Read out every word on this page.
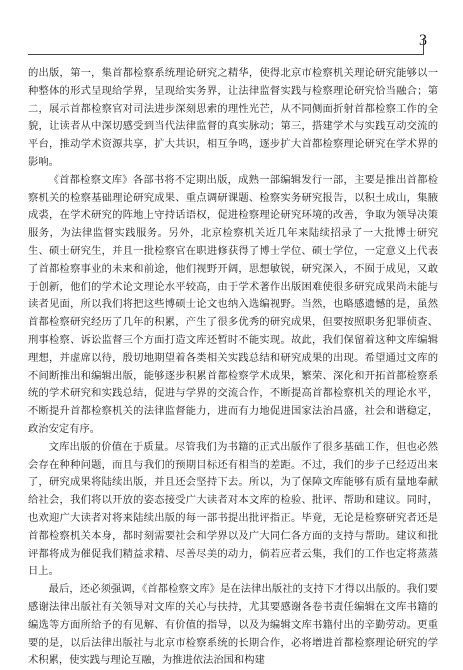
3

的出版，第一，集首都检察系统理论研究之精华，使得北京市检察机关理论研究能够以一种整体的形式呈现给学界，呈现给实务界，让法律监督实践与检察理论研究恰当融合；第二，展示首都检察官对司法进步深刻思索的理性光芒，从不同侧面折射首都检察工作的全貌，让读者从中深切感受到当代法律监督的真实脉动；第三，搭建学术与实践互动交流的平台，推动学术资源共享，扩大共识，相互争鸣，逐步扩大首都检察理论研究在学术界的影响。

《首都检察文库》各部书将不定期出版，成熟一部编辑发行一部，主要是推出首都检察机关的检察基础理论研究成果、重点调研课题、检察实务研究报告，以积土成山，集腋成裘，在学术研究的阵地上守持话语权，促进检察理论研究环境的改善，争取为领导决策服务，为法律监督实践服务。另外，北京检察机关近几年来陆续招录了一大批博士研究生、硕士研究生，并且一批检察官在职进修获得了博士学位、硕士学位，一定意义上代表了首都检察事业的未来和前途，他们视野开阔，思想敏锐，研究深入，不囿于成见，又敢于创新，他们的学术论文理论水平较高，由于学术著作出版困难使很多研究成果尚未能与读者见面，所以我们将把这些博硕士论文也纳入选编视野。当然，也略感遗憾的是，虽然首都检察研究经历了几年的积累，产生了很多优秀的研究成果，但要按照职务犯罪侦查、刑事检察、诉讼监督三个方面打造文库还暂时不能实现。故此，我们保留着这种文库编辑理想，并虚席以待，殷切地期望着各类相关实践总结和研究成果的出现。希望通过文库的不间断推出和编辑出版，能够逐步积累首都检察学术成果，繁荣、深化和开拓首都检察系统的学术研究和实践总结，促进与学界的交流合作，不断提高首都检察机关的理论水平，不断提升首都检察机关的法律监督能力，进而有力地促进国家法治昌盛，社会和谐稳定，政治安定有序。

文库出版的价值在于质量。尽管我们为书籍的正式出版作了很多基础工作，但也必然会存在种种问题，而且与我们的预期目标还有相当的差距。不过，我们的步子已经迈出来了，研究成果将陆续出版，并且还会坚持下去。所以，为了保障文库能够有质有量地奉献给社会，我们将以开放的姿态接受广大读者对本文库的检验、批评、帮助和建议。同时，也欢迎广大读者对将来陆续出版的每一部书提出批评指正。毕竟，无论是检察研究者还是首都检察机关本身，都时刻需要社会和学界以及广大同仁各方面的支持与帮助。建议和批评都将成为催促我们精益求精、尽善尽美的动力，倘若应者云集，我们的工作也定将蒸蒸日上。

最后，还必须强调，《首都检察文库》是在法律出版社的支持下才得以出版的。我们要感谢法律出版社有关领导对文库的关心与扶持，尤其要感谢各卷书责任编辑在文库书籍的编选等方面所给予的有见解、有价值的指导，以及为编辑文库书籍付出的辛勤劳动。更重要的是，以后法律出版社与北京市检察系统的长期合作，必将增进首都检察理论研究的学术积累，使实践与理论互融，为推进依法治国和构建
